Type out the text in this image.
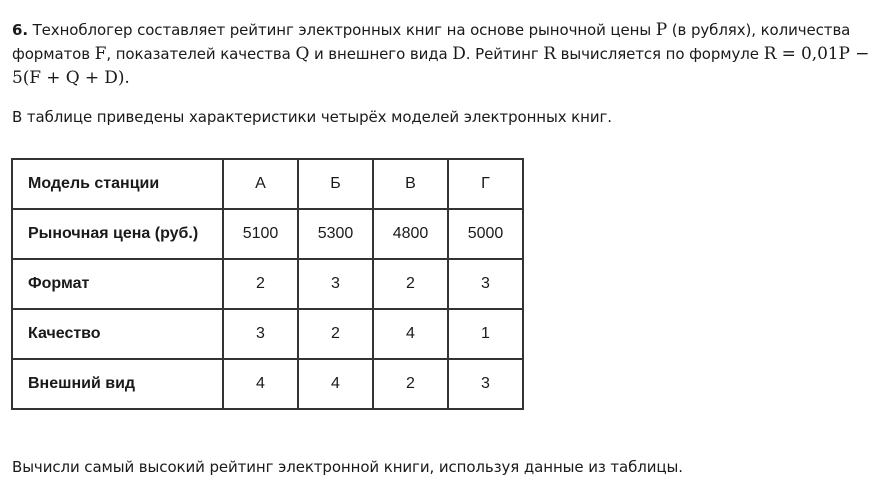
6. Техноблогер составляет рейтинг электронных книг на основе рыночной цены P (в рублях), количества форматов F, показателей качества Q и внешнего вида D. Рейтинг R вычисляется по формуле R = 0,01P − 5(F + Q + D).
В таблице приведены характеристики четырёх моделей электронных книг.
Модель станции	А	Б	В	Г
Рыночная цена (руб.)	5100	5300	4800	5000
Формат	2	3	2	3
Качество	3	2	4	1
Внешний вид	4	4	2	3
Вычисли самый высокий рейтинг электронной книги, используя данные из таблицы.
